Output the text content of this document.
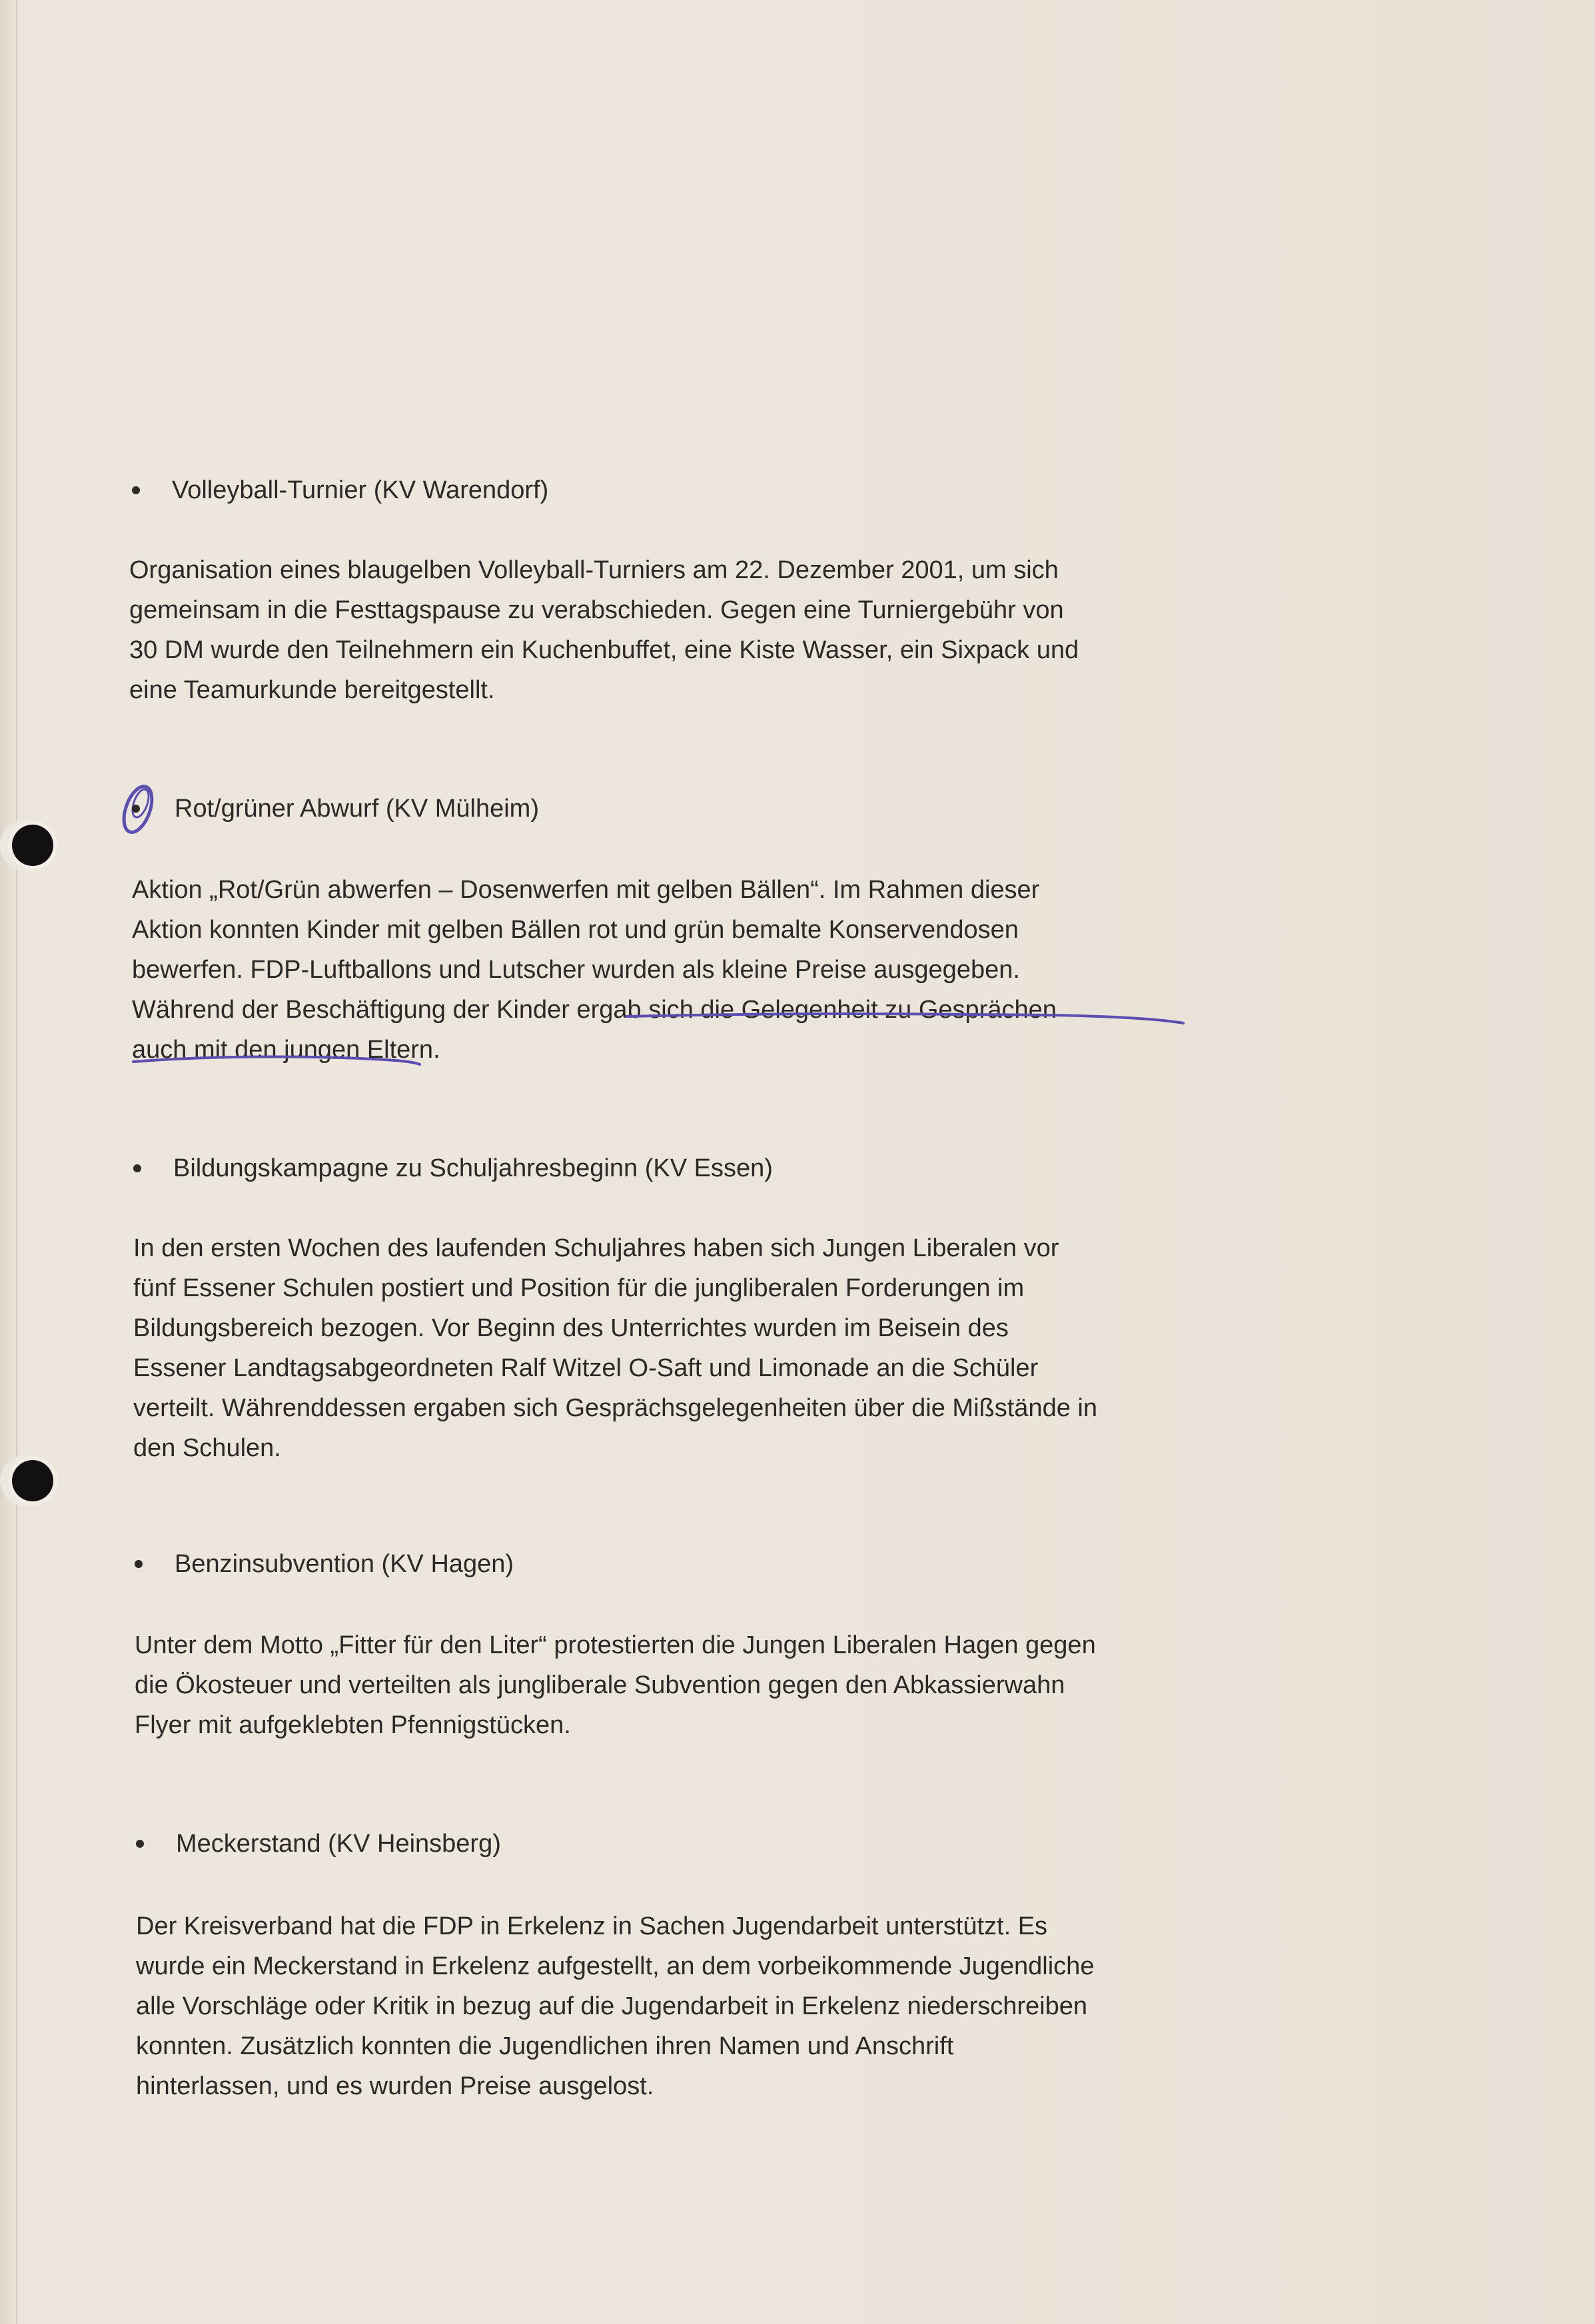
Volleyball-Turnier (KV Warendorf)
Organisation eines blaugelben Volleyball-Turniers am 22. Dezember 2001, um sich
gemeinsam in die Festtagspause zu verabschieden. Gegen eine Turniergebühr von
30 DM wurde den Teilnehmern ein Kuchenbuffet, eine Kiste Wasser, ein Sixpack und
eine Teamurkunde bereitgestellt.
Rot/grüner Abwurf (KV Mülheim)
Aktion „Rot/Grün abwerfen – Dosenwerfen mit gelben Bällen“. Im Rahmen dieser
Aktion konnten Kinder mit gelben Bällen rot und grün bemalte Konservendosen
bewerfen. FDP-Luftballons und Lutscher wurden als kleine Preise ausgegeben.
Während der Beschäftigung der Kinder ergab sich die Gelegenheit zu Gesprächen
auch mit den jungen Eltern.
Bildungskampagne zu Schuljahresbeginn (KV Essen)
In den ersten Wochen des laufenden Schuljahres haben sich Jungen Liberalen vor
fünf Essener Schulen postiert und Position für die jungliberalen Forderungen im
Bildungsbereich bezogen. Vor Beginn des Unterrichtes wurden im Beisein des
Essener Landtagsabgeordneten Ralf Witzel O-Saft und Limonade an die Schüler
verteilt. Währenddessen ergaben sich Gesprächsgelegenheiten über die Mißstände in
den Schulen.
Benzinsubvention (KV Hagen)
Unter dem Motto „Fitter für den Liter“ protestierten die Jungen Liberalen Hagen gegen
die Ökosteuer und verteilten als jungliberale Subvention gegen den Abkassierwahn
Flyer mit aufgeklebten Pfennigstücken.
Meckerstand (KV Heinsberg)
Der Kreisverband hat die FDP in Erkelenz in Sachen Jugendarbeit unterstützt. Es
wurde ein Meckerstand in Erkelenz aufgestellt, an dem vorbeikommende Jugendliche
alle Vorschläge oder Kritik in bezug auf die Jugendarbeit in Erkelenz niederschreiben
konnten. Zusätzlich konnten die Jugendlichen ihren Namen und Anschrift
hinterlassen, und es wurden Preise ausgelost.
